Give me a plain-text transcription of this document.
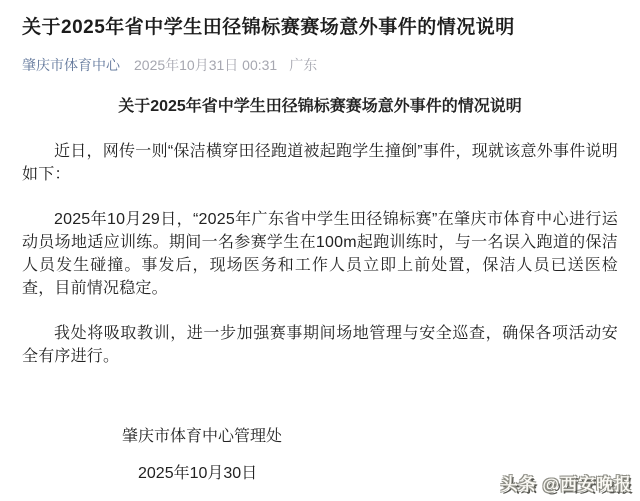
关于2025年省中学生田径锦标赛赛场意外事件的情况说明
肇庆市体育中心 2025年10月31日 00:31 广东
关于2025年省中学生田径锦标赛赛场意外事件的情况说明

近日，网传一则“保洁横穿田径跑道被起跑学生撞倒”事件，现就该意外事件说明如下：

2025年10月29日，“2025年广东省中学生田径锦标赛”在肇庆市体育中心进行运动员场地适应训练。期间一名参赛学生在100m起跑训练时，与一名误入跑道的保洁人员发生碰撞。事发后，现场医务和工作人员立即上前处置，保洁人员已送医检查，目前情况稳定。

我处将吸取教训，进一步加强赛事期间场地管理与安全巡查，确保各项活动安全有序进行。

肇庆市体育中心管理处

2025年10月30日

头条 @西安晚报
